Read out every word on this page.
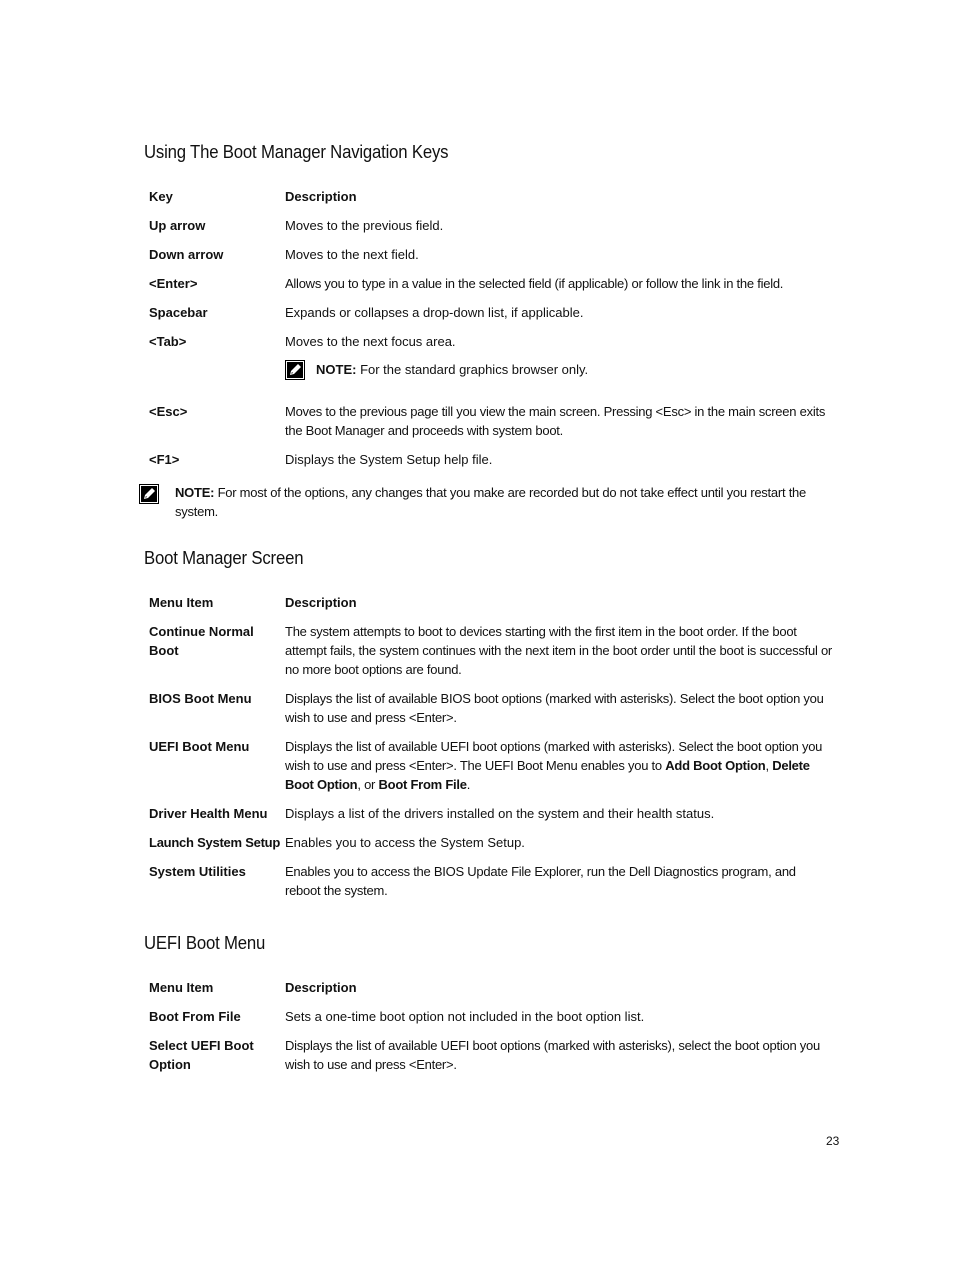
Using The Boot Manager Navigation Keys
Key	Description
Up arrow	Moves to the previous field.
Down arrow	Moves to the next field.
<Enter>	Allows you to type in a value in the selected field (if applicable) or follow the link in the field.
Spacebar	Expands or collapses a drop-down list, if applicable.
<Tab>	Moves to the next focus area.
NOTE: For the standard graphics browser only.

<Esc>	Moves to the previous page till you view the main screen. Pressing <Esc> in the main screen exits the Boot Manager and proceeds with system boot.
<F1>	Displays the System Setup help file.
NOTE: For most of the options, any changes that you make are recorded but do not take effect until you restart the system.
Boot Manager Screen
Menu Item	Description
Continue Normal Boot	The system attempts to boot to devices starting with the first item in the boot order. If the boot attempt fails, the system continues with the next item in the boot order until the boot is successful or no more boot options are found.
BIOS Boot Menu	Displays the list of available BIOS boot options (marked with asterisks). Select the boot option you wish to use and press <Enter>.
UEFI Boot Menu	Displays the list of available UEFI boot options (marked with asterisks). Select the boot option you wish to use and press <Enter>. The UEFI Boot Menu enables you to Add Boot Option, Delete Boot Option, or Boot From File.
Driver Health Menu	Displays a list of the drivers installed on the system and their health status.
Launch System Setup	Enables you to access the System Setup.
System Utilities	Enables you to access the BIOS Update File Explorer, run the Dell Diagnostics program, and reboot the system.
UEFI Boot Menu
Menu Item	Description
Boot From File	Sets a one-time boot option not included in the boot option list.
Select UEFI Boot Option	Displays the list of available UEFI boot options (marked with asterisks), select the boot option you wish to use and press <Enter>.
23
